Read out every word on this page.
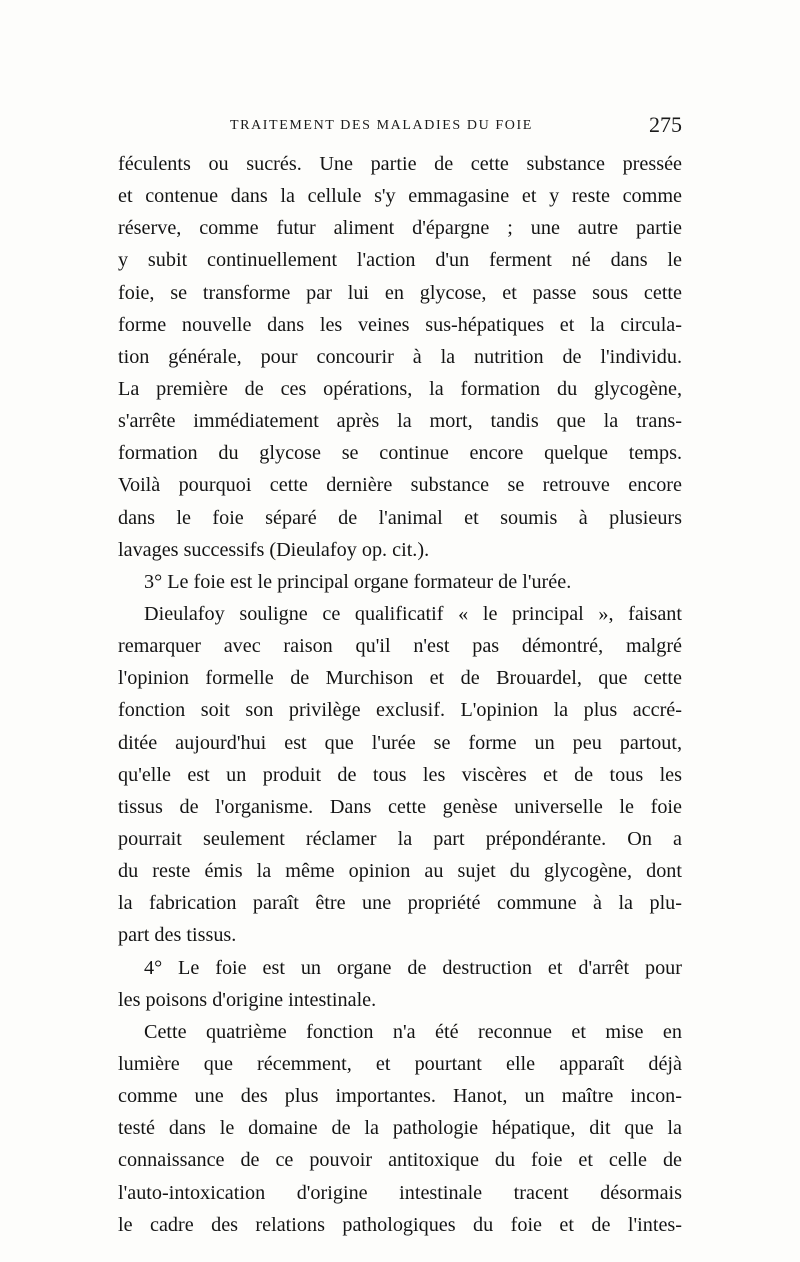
TRAITEMENT DES MALADIES DU FOIE	275
féculents ou sucrés. Une partie de cette substance pressée
et contenue dans la cellule s'y emmagasine et y reste comme
réserve, comme futur aliment d'épargne ; une autre partie
y subit continuellement l'action d'un ferment né dans le
foie, se transforme par lui en glycose, et passe sous cette
forme nouvelle dans les veines sus-hépatiques et la circula-
tion générale, pour concourir à la nutrition de l'individu.
La première de ces opérations, la formation du glycogène,
s'arrête immédiatement après la mort, tandis que la trans-
formation du glycose se continue encore quelque temps.
Voilà pourquoi cette dernière substance se retrouve encore
dans le foie séparé de l'animal et soumis à plusieurs
lavages successifs (Dieulafoy op. cit.).
3° Le foie est le principal organe formateur de l'urée.
Dieulafoy souligne ce qualificatif « le principal », faisant
remarquer avec raison qu'il n'est pas démontré, malgré
l'opinion formelle de Murchison et de Brouardel, que cette
fonction soit son privilège exclusif. L'opinion la plus accré-
ditée aujourd'hui est que l'urée se forme un peu partout,
qu'elle est un produit de tous les viscères et de tous les
tissus de l'organisme. Dans cette genèse universelle le foie
pourrait seulement réclamer la part prépondérante. On a
du reste émis la même opinion au sujet du glycogène, dont
la fabrication paraît être une propriété commune à la plu-
part des tissus.
4° Le foie est un organe de destruction et d'arrêt pour
les poisons d'origine intestinale.
Cette quatrième fonction n'a été reconnue et mise en
lumière que récemment, et pourtant elle apparaît déjà
comme une des plus importantes. Hanot, un maître incon-
testé dans le domaine de la pathologie hépatique, dit que la
connaissance de ce pouvoir antitoxique du foie et celle de
l'auto-intoxication d'origine intestinale tracent désormais
le cadre des relations pathologiques du foie et de l'intes-
